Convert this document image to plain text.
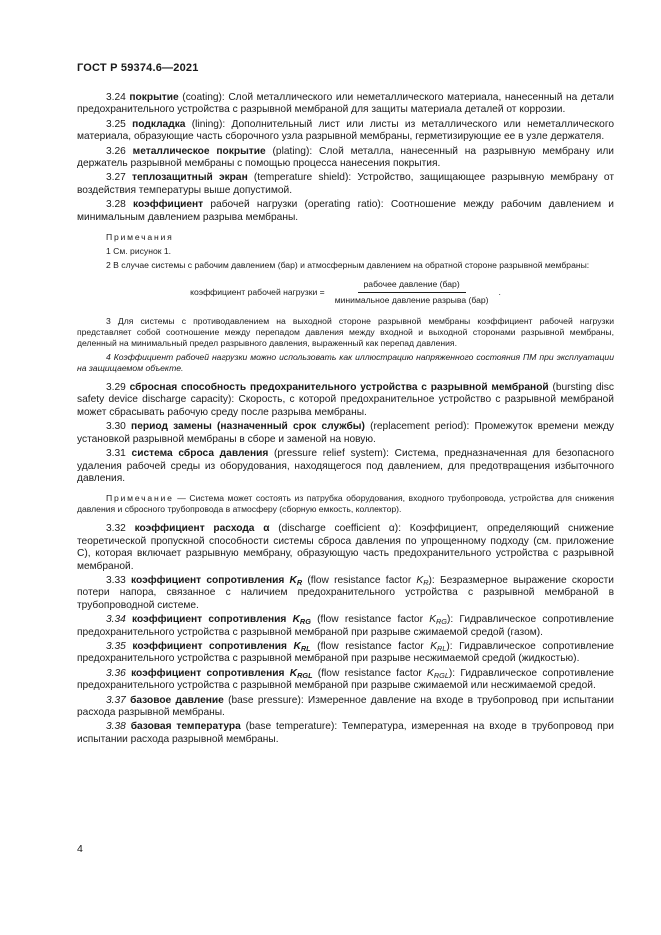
ГОСТ Р 59374.6—2021

3.24 покрытие (coating): Слой металлического или неметаллического материала, нанесенный на детали предохранительного устройства с разрывной мембраной для защиты материала деталей от коррозии.

3.25 подкладка (lining): Дополнительный лист или листы из металлического или неметаллического материала, образующие часть сборочного узла разрывной мембраны, герметизирующие ее в узле держателя.

3.26 металлическое покрытие (plating): Слой металла, нанесенный на разрывную мембрану или держатель разрывной мембраны с помощью процесса нанесения покрытия.

3.27 теплозащитный экран (temperature shield): Устройство, защищающее разрывную мембрану от воздействия температуры выше допустимой.

3.28 коэффициент рабочей нагрузки (operating ratio): Соотношение между рабочим давлением и минимальным давлением разрыва мембраны.

Примечания

1 См. рисунок 1.

2 В случае системы с рабочим давлением (бар) и атмосферным давлением на обратной стороне разрывной мембраны:

коэффициент рабочей нагрузки = $\frac{\text{рабочее давление (бар)}}{\text{минимальное давление разрыва (бар)}}$ .

3 Для системы с противодавлением на выходной стороне разрывной мембраны коэффициент рабочей нагрузки представляет собой соотношение между перепадом давления между входной и выходной сторонами разрывной мембраны, деленный на минимальный предел разрывного давления, выраженный как перепад давления.

4 Коэффициент рабочей нагрузки можно использовать как иллюстрацию напряженного состояния ПМ при эксплуатации на защищаемом объекте.

3.29 сбросная способность предохранительного устройства с разрывной мембраной (bursting disc safety device discharge capacity): Скорость, с которой предохранительное устройство с разрывной мембраной может сбрасывать рабочую среду после разрыва мембраны.

3.30 период замены (назначенный срок службы) (replacement period): Промежуток времени между установкой разрывной мембраны в сборе и заменой на новую.

3.31 система сброса давления (pressure relief system): Система, предназначенная для безопасного удаления рабочей среды из оборудования, находящегося под давлением, для предотвращения избыточного давления.

Примечание — Система может состоять из патрубка оборудования, входного трубопровода, устройства для снижения давления и сбросного трубопровода в атмосферу (сборную емкость, коллектор).

3.32 коэффициент расхода α (discharge coefficient α): Коэффициент, определяющий снижение теоретической пропускной способности системы сброса давления по упрощенному подходу (см. приложение С), которая включает разрывную мембрану, образующую часть предохранительного устройства с разрывной мембраной.

3.33 коэффициент сопротивления $K_R$ (flow resistance factor $K_R$): Безразмерное выражение скорости потери напора, связанное с наличием предохранительного устройства с разрывной мембраной в трубопроводной системе.

3.34 коэффициент сопротивления $K_{RG}$ (flow resistance factor $K_{RG}$): Гидравлическое сопротивление предохранительного устройства с разрывной мембраной при разрыве сжимаемой средой (газом).

3.35 коэффициент сопротивления $K_{RL}$ (flow resistance factor $K_{RL}$): Гидравлическое сопротивление предохранительного устройства с разрывной мембраной при разрыве несжимаемой средой (жидкостью).

3.36 коэффициент сопротивления $K_{RGL}$ (flow resistance factor $K_{RGL}$): Гидравлическое сопротивление предохранительного устройства с разрывной мембраной при разрыве сжимаемой или несжимаемой средой.

3.37 базовое давление (base pressure): Измеренное давление на входе в трубопровод при испытании расхода разрывной мембраны.

3.38 базовая температура (base temperature): Температура, измеренная на входе в трубопровод при испытании расхода разрывной мембраны.

4
